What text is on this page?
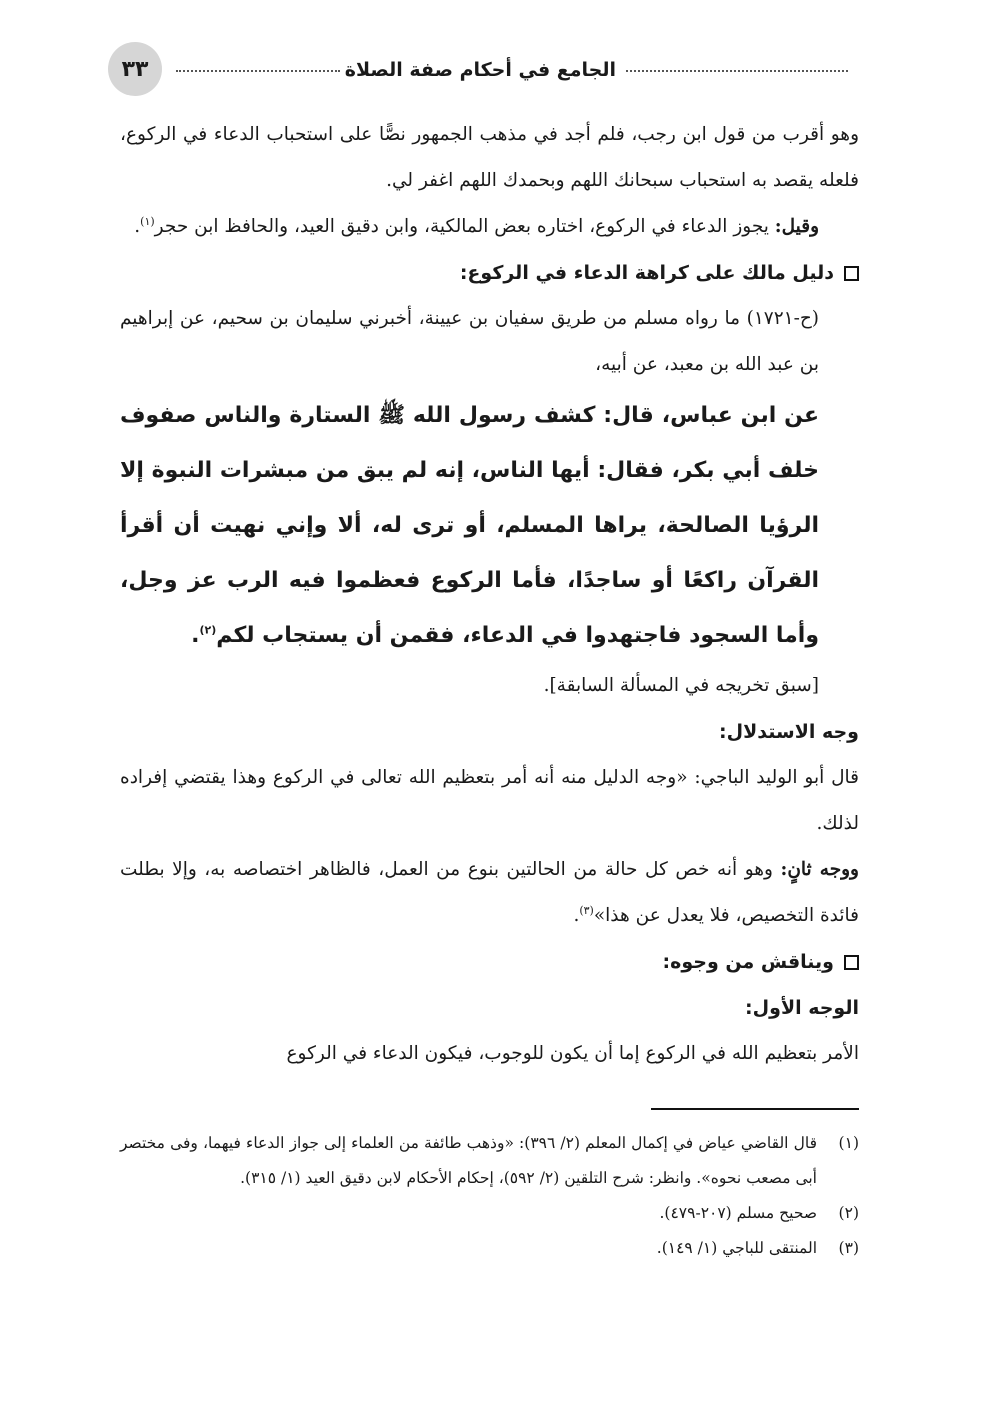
الجامع في أحكام صفة الصلاة
٣٣

وهو أقرب من قول ابن رجب، فلم أجد في مذهب الجمهور نصًّا على استحباب الدعاء في الركوع، فلعله يقصد به استحباب سبحانك اللهم وبحمدك اللهم اغفر لي.

وقيل: يجوز الدعاء في الركوع، اختاره بعض المالكية، وابن دقيق العيد، والحافظ ابن حجر$^{(١)}$.

دليل مالك على كراهة الدعاء في الركوع:

(ح-١٧٢١) ما رواه مسلم من طريق سفيان بن عيينة، أخبرني سليمان بن سحيم، عن إبراهيم بن عبد الله بن معبد، عن أبيه،

عن ابن عباس، قال: كشف رسول الله ﷺ الستارة والناس صفوف خلف أبي بكر، فقال: أيها الناس، إنه لم يبق من مبشرات النبوة إلا الرؤيا الصالحة، يراها المسلم، أو ترى له، ألا وإني نهيت أن أقرأ القرآن راكعًا أو ساجدًا، فأما الركوع فعظموا فيه الرب عز وجل، وأما السجود فاجتهدوا في الدعاء، فقمن أن يستجاب لكم$^{(٢)}$.

[سبق تخريجه في المسألة السابقة].

وجه الاستدلال:

قال أبو الوليد الباجي: «وجه الدليل منه أنه أمر بتعظيم الله تعالى في الركوع وهذا يقتضي إفراده لذلك.

ووجه ثانٍ: وهو أنه خص كل حالة من الحالتين بنوع من العمل، فالظاهر اختصاصه به، وإلا بطلت فائدة التخصيص، فلا يعدل عن هذا»$^{(٣)}$.

ويناقش من وجوه:
الوجه الأول:

الأمر بتعظيم الله في الركوع إما أن يكون للوجوب، فيكون الدعاء في الركوع

(١)
قال القاضي عياض في إكمال المعلم (٢/ ٣٩٦): «وذهب طائفة من العلماء إلى جواز الدعاء فيهما، وفى مختصر أبى مصعب نحوه». وانظر: شرح التلقين (٢/ ٥٩٢)، إحكام الأحكام لابن دقيق العيد (١/ ٣١٥).
(٢)
صحيح مسلم (٢٠٧-٤٧٩).
(٣)
المنتقى للباجي (١/ ١٤٩).
